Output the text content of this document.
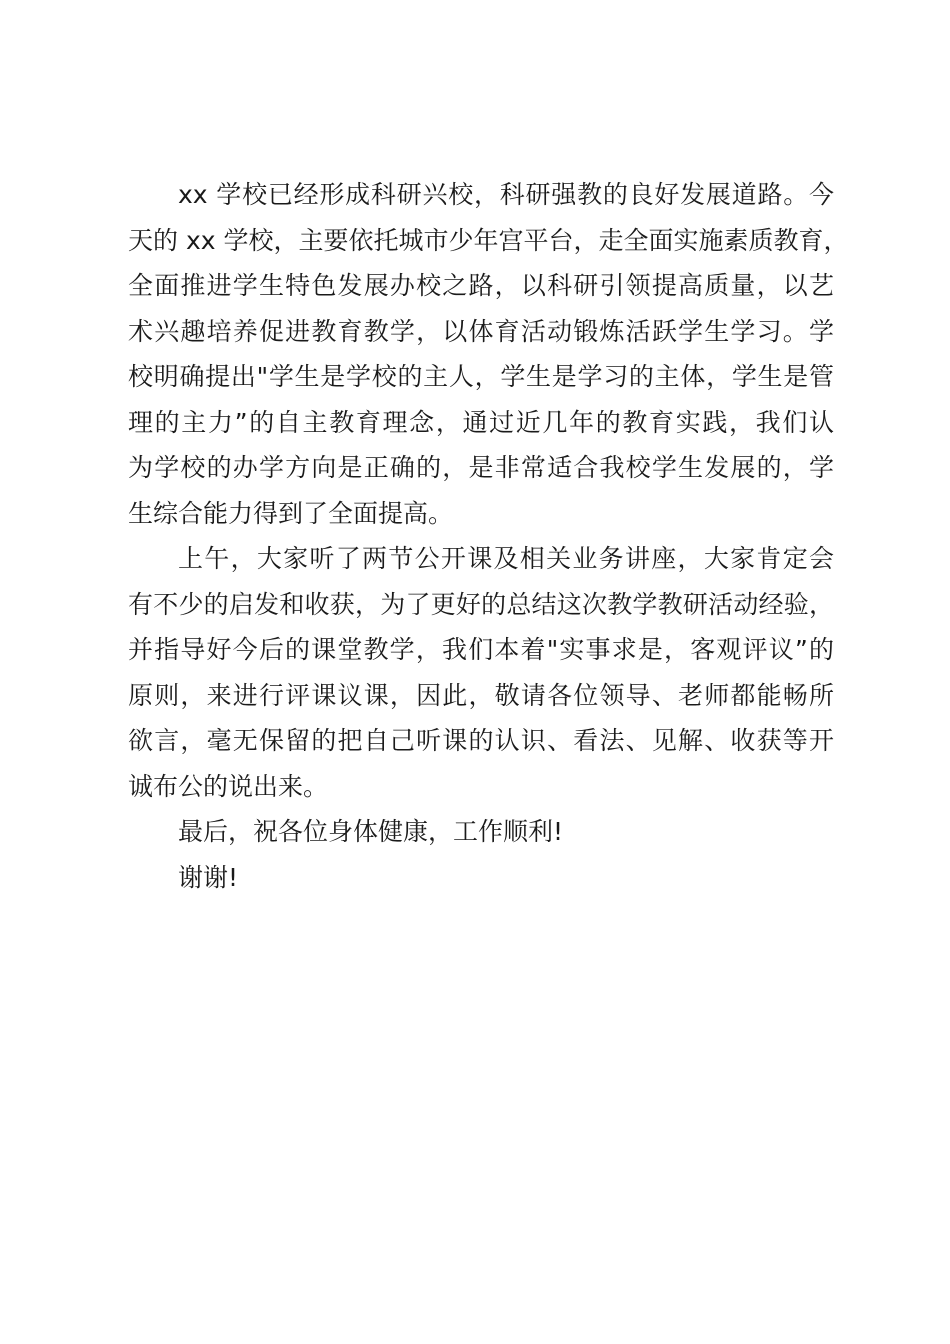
xx 学校已经形成科研兴校，科研强教的良好发展道路。今
天的 xx 学校，主要依托城市少年宫平台，走全面实施素质教育，
全面推进学生特色发展办校之路，以科研引领提高质量，以艺
术兴趣培养促进教育教学，以体育活动锻炼活跃学生学习。学
校明确提出"学生是学校的主人，学生是学习的主体，学生是管
理的主力”的自主教育理念，通过近几年的教育实践，我们认
为学校的办学方向是正确的，是非常适合我校学生发展的，学
生综合能力得到了全面提高。
上午，大家听了两节公开课及相关业务讲座，大家肯定会
有不少的启发和收获，为了更好的总结这次教学教研活动经验，
并指导好今后的课堂教学，我们本着"实事求是，客观评议”的
原则，来进行评课议课，因此，敬请各位领导、老师都能畅所
欲言，毫无保留的把自己听课的认识、看法、见解、收获等开
诚布公的说出来。
最后，祝各位身体健康，工作顺利!
谢谢!
